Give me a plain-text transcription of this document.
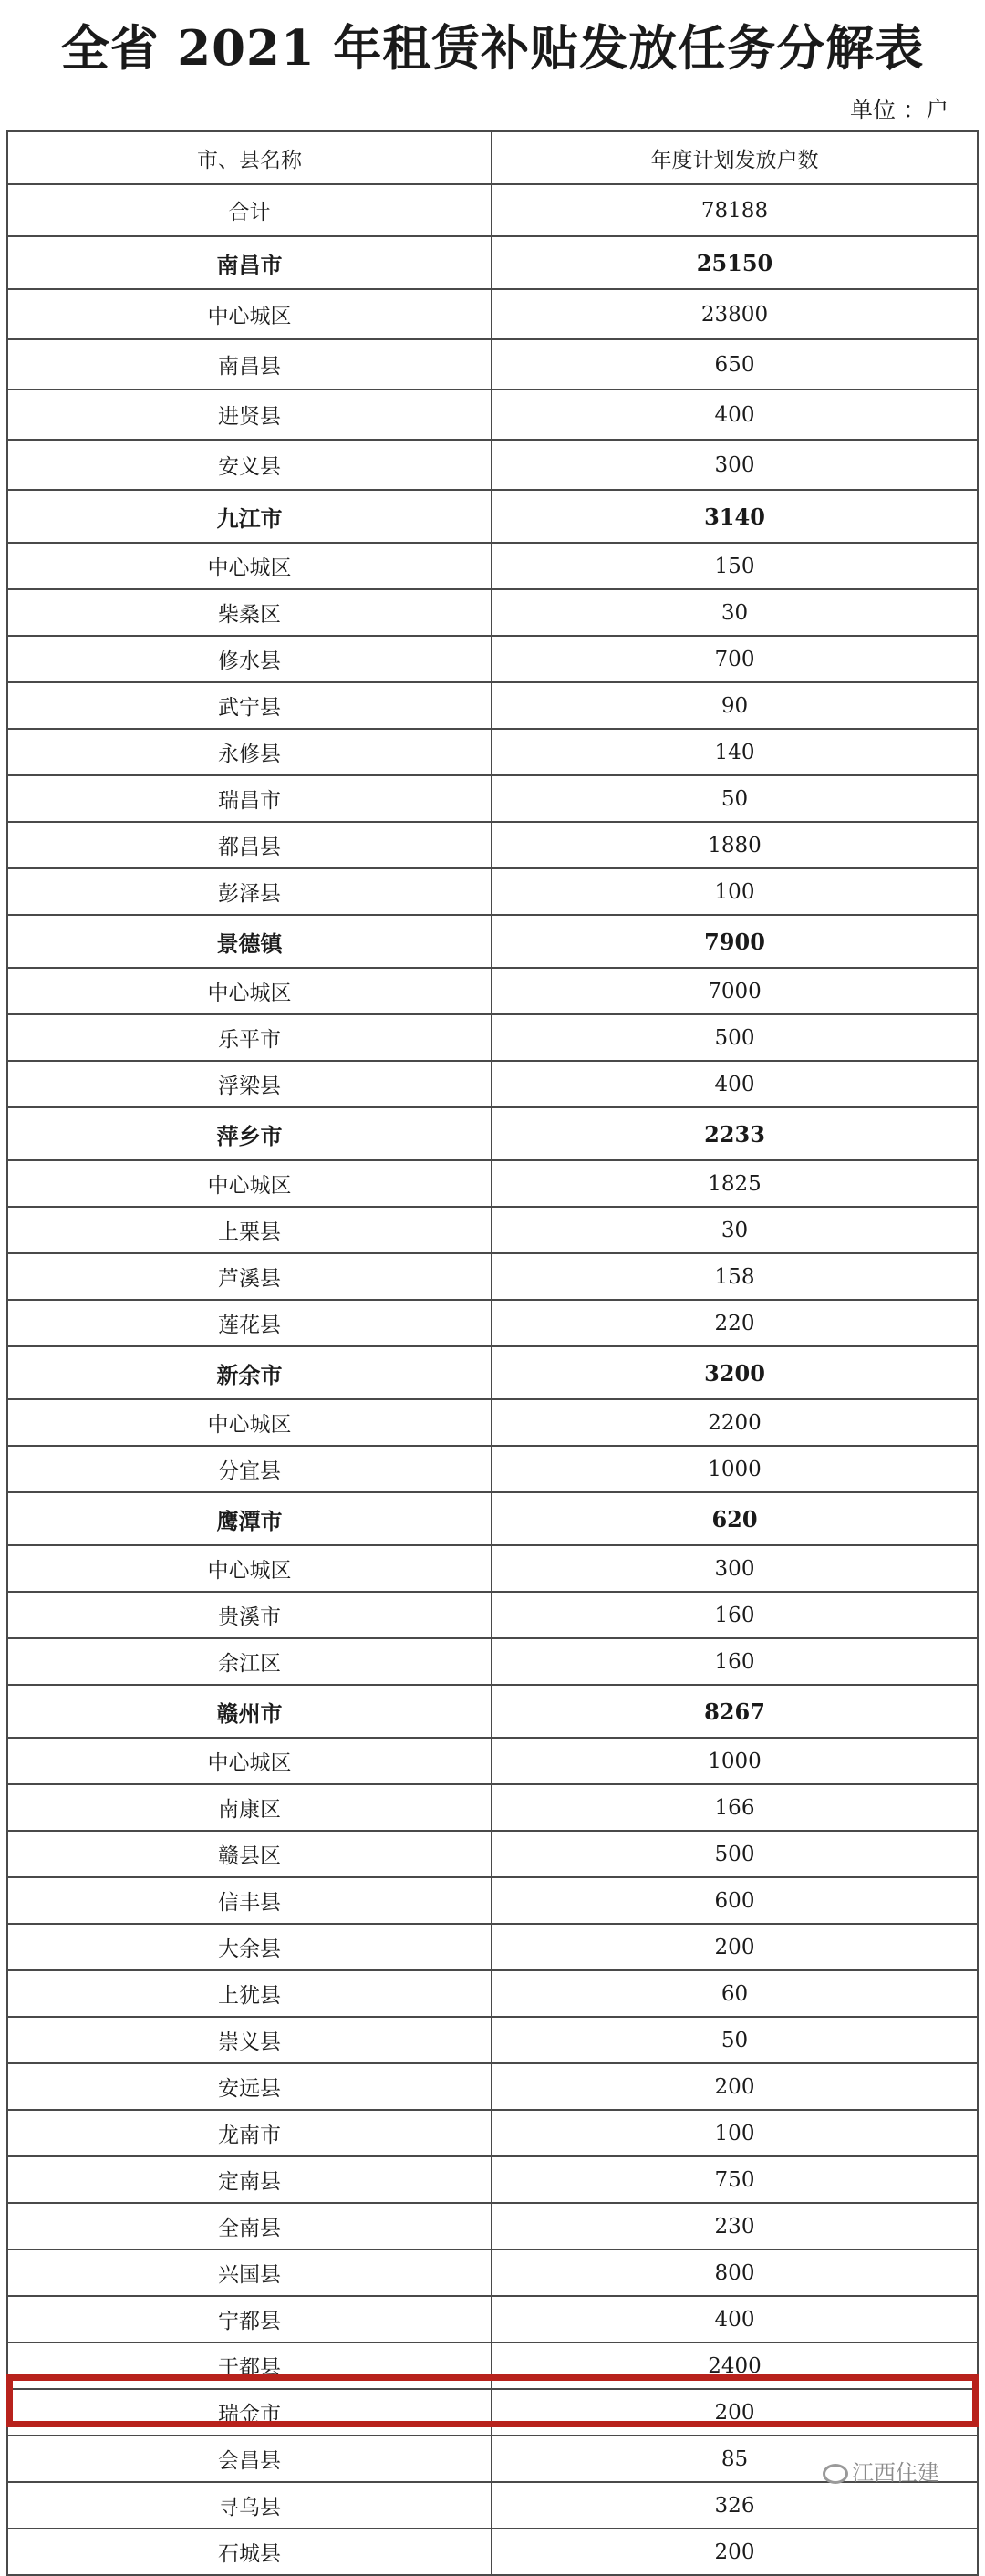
全省 2021 年租赁补贴发放任务分解表
单位 ：户
市、县名称	年度计划发放户数
合计	78188
南昌市	25150
中心城区	23800
南昌县	650
进贤县	400
安义县	300
九江市	3140
中心城区	150
柴桑区	30
修水县	700
武宁县	90
永修县	140
瑞昌市	50
都昌县	1880
彭泽县	100
景德镇	7900
中心城区	7000
乐平市	500
浮梁县	400
萍乡市	2233
中心城区	1825
上栗县	30
芦溪县	158
莲花县	220
新余市	3200
中心城区	2200
分宜县	1000
鹰潭市	620
中心城区	300
贵溪市	160
余江区	160
赣州市	8267
中心城区	1000
南康区	166
赣县区	500
信丰县	600
大余县	200
上犹县	60
崇义县	50
安远县	200
龙南市	100
定南县	750
全南县	230
兴国县	800
宁都县	400
于都县	2400
瑞金市	200
会昌县	85
寻乌县	326
石城县	200
江西住建
